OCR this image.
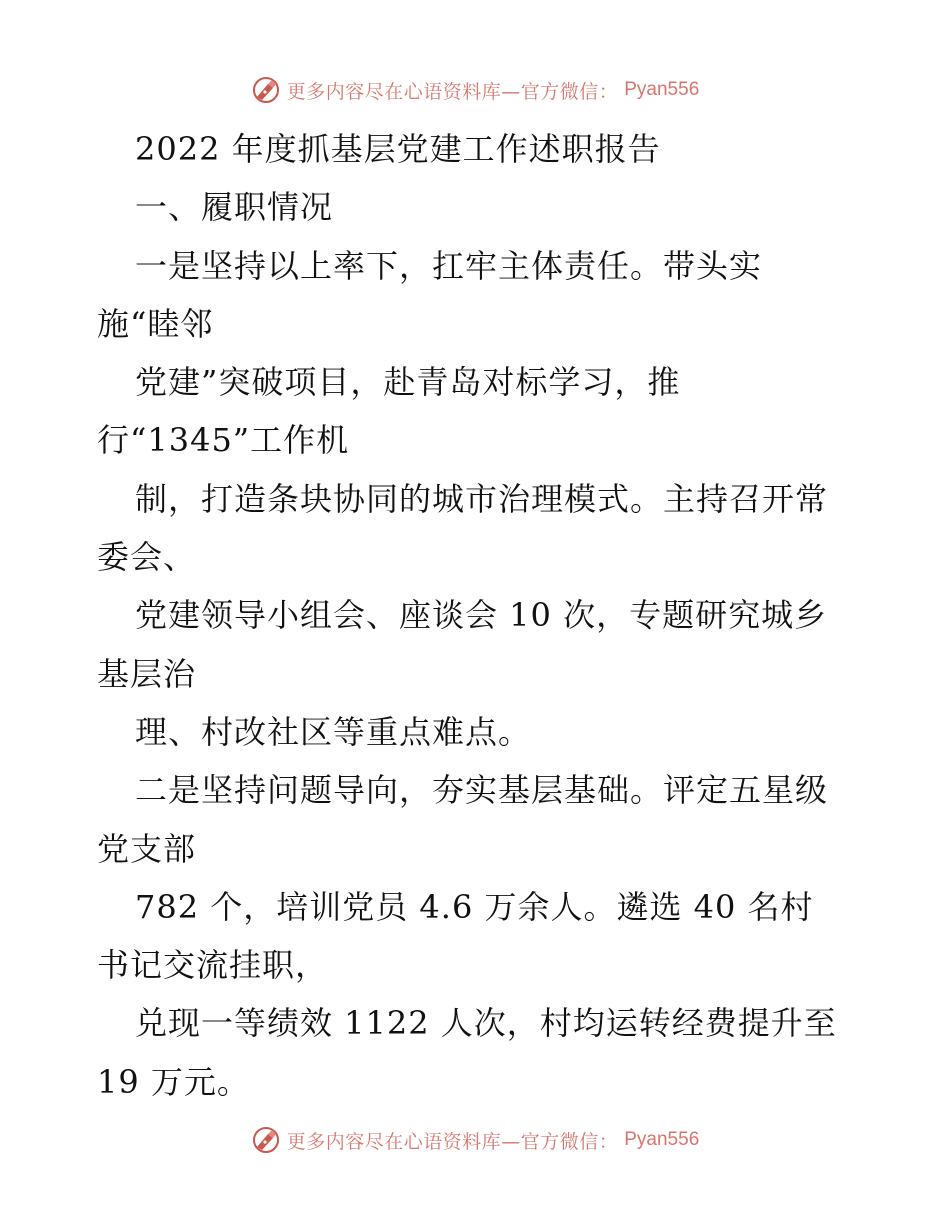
更多内容尽在心语资料库—官方微信： Pyan556
2022 年度抓基层党建工作述职报告
一、履职情况
一是坚持以上率下，扛牢主体责任。带头实
施“睦邻
党建”突破项目，赴青岛对标学习，推
行“1345”工作机
制，打造条块协同的城市治理模式。主持召开常
委会、
党建领导小组会、座谈会 10 次，专题研究城乡
基层治
理、村改社区等重点难点。
二是坚持问题导向，夯实基层基础。评定五星级
党支部
782 个，培训党员 4.6 万余人。遴选 40 名村
书记交流挂职，
兑现一等绩效 1122 人次，村均运转经费提升至
19 万元。
更多内容尽在心语资料库—官方微信： Pyan556
